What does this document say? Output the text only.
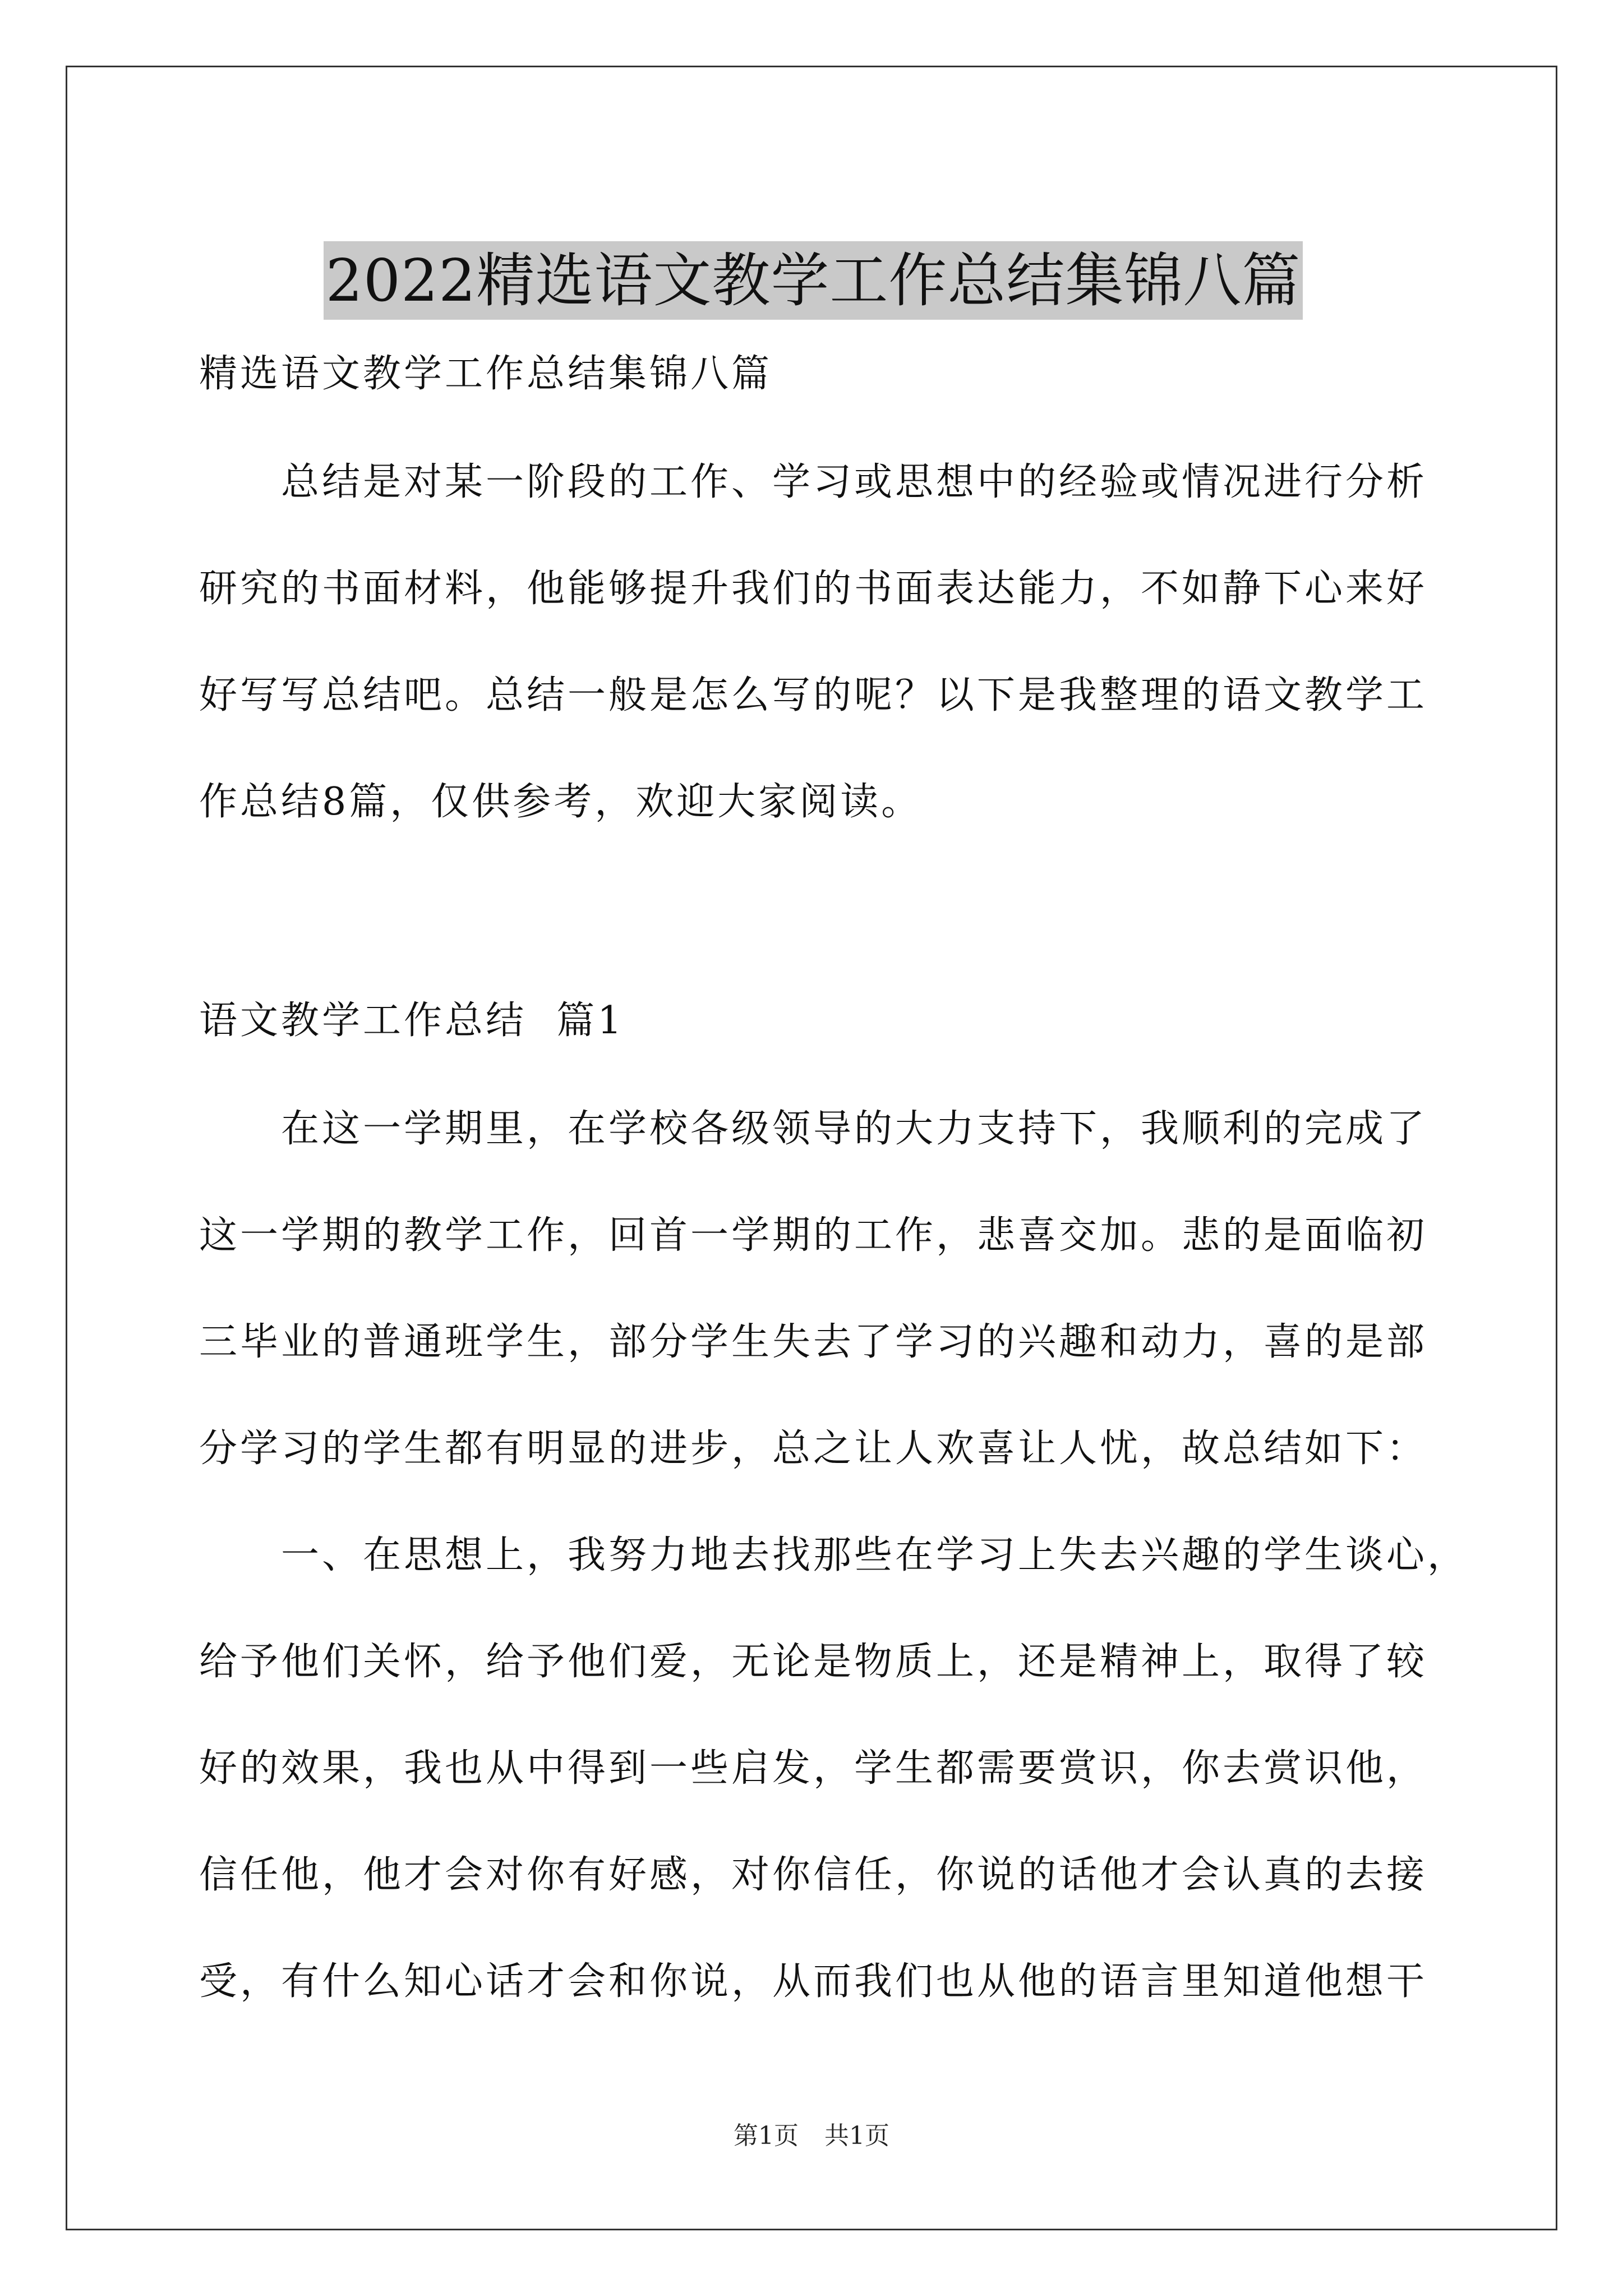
2022精选语文教学工作总结集锦八篇
精选语文教学工作总结集锦八篇
总结是对某一阶段的工作、学习或思想中的经验或情况进行分析
研究的书面材料，他能够提升我们的书面表达能力，不如静下心来好
好写写总结吧。总结一般是怎么写的呢？以下是我整理的语文教学工
作总结8篇，仅供参考，欢迎大家阅读。
语文教学工作总结  篇1
在这一学期里，在学校各级领导的大力支持下，我顺利的完成了
这一学期的教学工作，回首一学期的工作，悲喜交加。悲的是面临初
三毕业的普通班学生，部分学生失去了学习的兴趣和动力，喜的是部
分学习的学生都有明显的进步，总之让人欢喜让人忧，故总结如下：
一、在思想上，我努力地去找那些在学习上失去兴趣的学生谈心，
给予他们关怀，给予他们爱，无论是物质上，还是精神上，取得了较
好的效果，我也从中得到一些启发，学生都需要赏识，你去赏识他，
信任他，他才会对你有好感，对你信任，你说的话他才会认真的去接
受，有什么知心话才会和你说，从而我们也从他的语言里知道他想干
第1页 共1页
